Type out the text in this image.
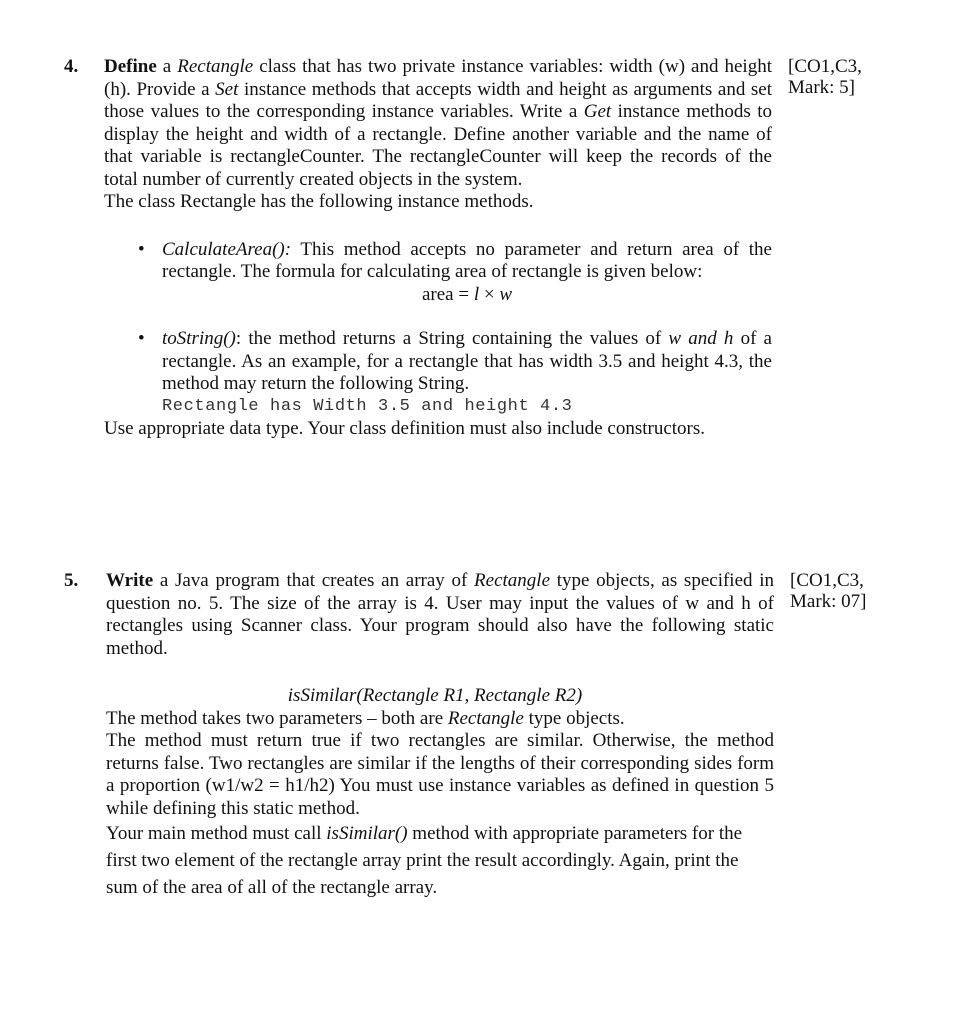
4. Define a Rectangle class that has two private instance variables: width (w) and height (h). Provide a Set instance methods that accepts width and height as arguments and set those values to the corresponding instance variables. Write a Get instance methods to display the height and width of a rectangle. Define another variable and the name of that variable is rectangleCounter. The rectangleCounter will keep the records of the total number of currently created objects in the system.

The class Rectangle has the following instance methods.

• CalculateArea(): This method accepts no parameter and return area of the rectangle. The formula for calculating area of rectangle is given below:
area = l × w
• toString(): the method returns a String containing the values of w and h of a rectangle. As an example, for a rectangle that has width 3.5 and height 4.3, the method may return the following String.
Rectangle has Width 3.5 and height 4.3

Use appropriate data type. Your class definition must also include constructors.

[CO1,C3,
Mark: 5]
5. Write a Java program that creates an array of Rectangle type objects, as specified in question no. 5. The size of the array is 4. User may input the values of w and h of rectangles using Scanner class. Your program should also have the following static method.

isSimilar(Rectangle R1, Rectangle R2)

The method takes two parameters – both are Rectangle type objects.

The method must return true if two rectangles are similar. Otherwise, the method returns false. Two rectangles are similar if the lengths of their corresponding sides form a proportion (w1/w2 = h1/h2) You must use instance variables as defined in question 5 while defining this static method.

Your main method must call isSimilar() method with appropriate parameters for the first two element of the rectangle array print the result accordingly. Again, print the sum of the area of all of the rectangle array.

[CO1,C3,
Mark: 07]
